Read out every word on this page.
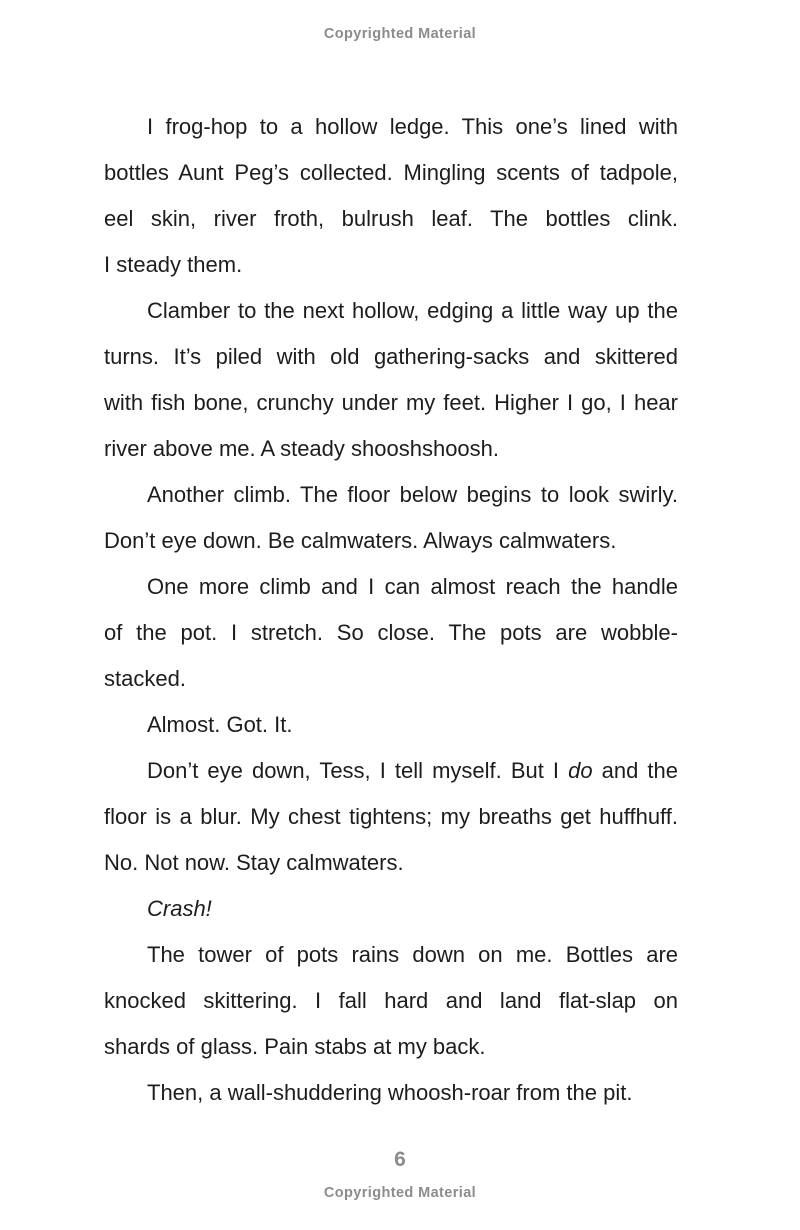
Copyrighted Material
I frog-hop to a hollow ledge. This one’s lined with
bottles Aunt Peg’s collected. Mingling scents of tadpole,
eel skin, river froth, bulrush leaf. The bottles clink.
I steady them.
Clamber to the next hollow, edging a little way up the
turns. It’s piled with old gathering-sacks and skittered
with fish bone, crunchy under my feet. Higher I go, I hear
river above me. A steady shooshshoosh.
Another climb. The floor below begins to look swirly.
Don’t eye down. Be calmwaters. Always calmwaters.
One more climb and I can almost reach the handle
of the pot. I stretch. So close. The pots are wobble-
stacked.
Almost. Got. It.
Don’t eye down, Tess, I tell myself. But I do and the
floor is a blur. My chest tightens; my breaths get huffhuff.
No. Not now. Stay calmwaters.
Crash!
The tower of pots rains down on me. Bottles are
knocked skittering. I fall hard and land flat-slap on
shards of glass. Pain stabs at my back.
Then, a wall-shuddering whoosh-roar from the pit.
6
Copyrighted Material
